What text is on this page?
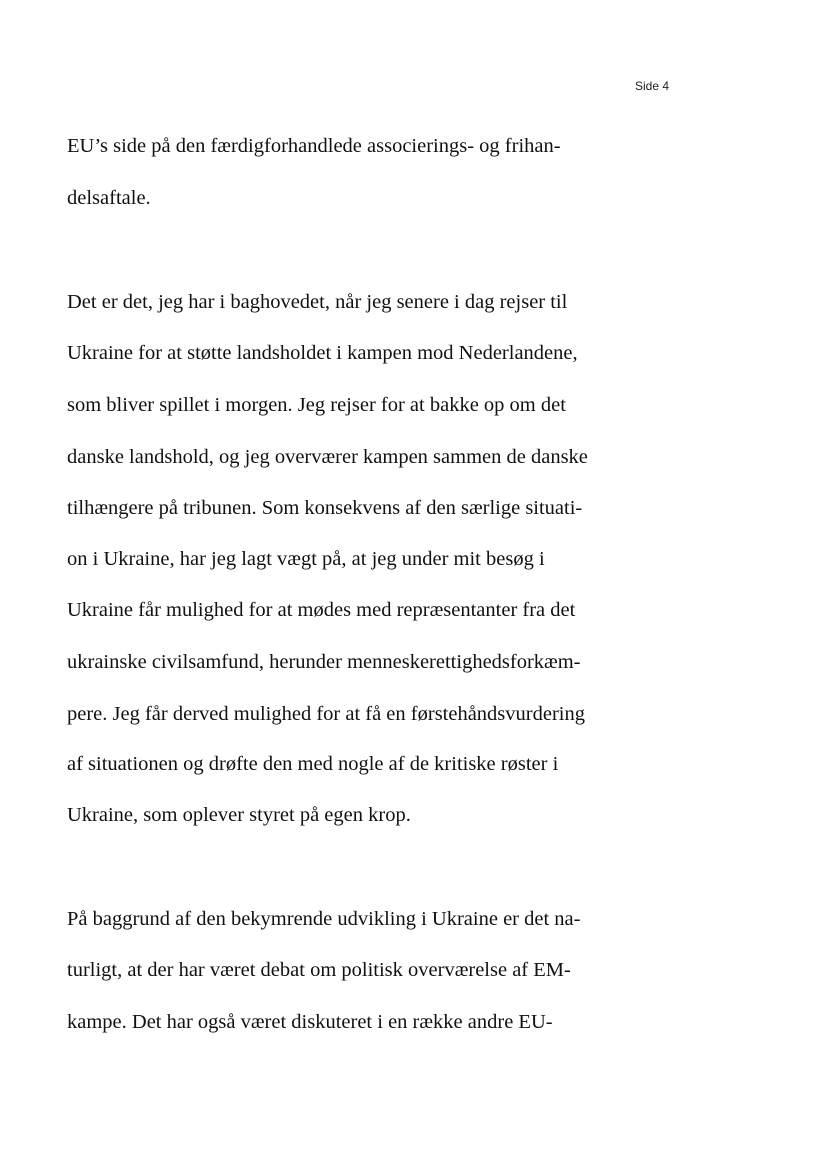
Side 4
EU’s side på den færdigforhandlede associerings- og frihan-
delsaftale.
Det er det, jeg har i baghovedet, når jeg senere i dag rejser til
Ukraine for at støtte landsholdet i kampen mod Nederlandene,
som bliver spillet i morgen. Jeg rejser for at bakke op om det
danske landshold, og jeg overværer kampen sammen de danske
tilhængere på tribunen. Som konsekvens af den særlige situati-
on i Ukraine, har jeg lagt vægt på, at jeg under mit besøg i
Ukraine får mulighed for at mødes med repræsentanter fra det
ukrainske civilsamfund, herunder menneskerettighedsforkæm-
pere. Jeg får derved mulighed for at få en førstehåndsvurdering
af situationen og drøfte den med nogle af de kritiske røster i
Ukraine, som oplever styret på egen krop.
På baggrund af den bekymrende udvikling i Ukraine er det na-
turligt, at der har været debat om politisk overværelse af EM-
kampe. Det har også været diskuteret i en række andre EU-
